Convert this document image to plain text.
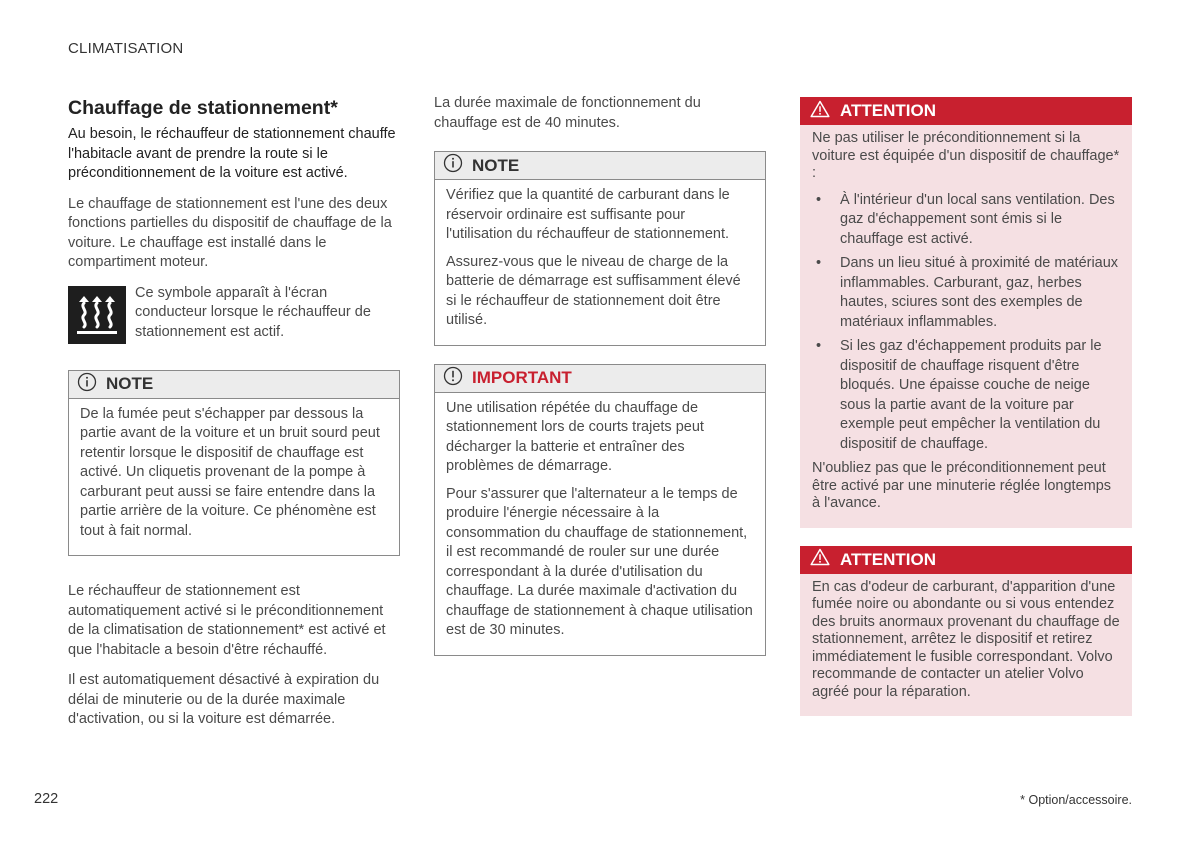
CLIMATISATION
Chauffage de stationnement*

Au besoin, le réchauffeur de stationnement chauffe l'habitacle avant de prendre la route si le préconditionnement de la voiture est activé.

Le chauffage de stationnement est l'une des deux fonctions partielles du dispositif de chauffage de la voiture. Le chauffage est installé dans le compartiment moteur.

Ce symbole apparaît à l'écran conducteur lorsque le réchauffeur de stationnement est actif.

NOTE

De la fumée peut s'échapper par dessous la partie avant de la voiture et un bruit sourd peut retentir lorsque le dispositif de chauffage est activé. Un cliquetis provenant de la pompe à carburant peut aussi se faire entendre dans la partie arrière de la voiture. Ce phénomène est tout à fait normal.

Le réchauffeur de stationnement est automatiquement activé si le préconditionnement de la climatisation de stationnement* est activé et que l'habitacle a besoin d'être réchauffé.

Il est automatiquement désactivé à expiration du délai de minuterie ou de la durée maximale d'activation, ou si la voiture est démarrée.

La durée maximale de fonctionnement du chauffage est de 40 minutes.

NOTE

Vérifiez que la quantité de carburant dans le réservoir ordinaire est suffisante pour l'utilisation du réchauffeur de stationnement.

Assurez-vous que le niveau de charge de la batterie de démarrage est suffisamment élevé si le réchauffeur de stationnement doit être utilisé.

IMPORTANT

Une utilisation répétée du chauffage de stationnement lors de courts trajets peut décharger la batterie et entraîner des problèmes de démarrage.

Pour s'assurer que l'alternateur a le temps de produire l'énergie nécessaire à la consommation du chauffage de stationnement, il est recommandé de rouler sur une durée correspondant à la durée d'utilisation du chauffage. La durée maximale d'activation du chauffage de stationnement à chaque utilisation est de 30 minutes.

ATTENTION

Ne pas utiliser le préconditionnement si la voiture est équipée d'un dispositif de chauffage* :

• À l'intérieur d'un local sans ventilation. Des gaz d'échappement sont émis si le chauffage est activé.
• Dans un lieu situé à proximité de matériaux inflammables. Carburant, gaz, herbes hautes, sciures sont des exemples de matériaux inflammables.
• Si les gaz d'échappement produits par le dispositif de chauffage risquent d'être bloqués. Une épaisse couche de neige sous la partie avant de la voiture par exemple peut empêcher la ventilation du dispositif de chauffage.

N'oubliez pas que le préconditionnement peut être activé par une minuterie réglée longtemps à l'avance.

ATTENTION

En cas d'odeur de carburant, d'apparition d'une fumée noire ou abondante ou si vous entendez des bruits anormaux provenant du chauffage de stationnement, arrêtez le dispositif et retirez immédiatement le fusible correspondant. Volvo recommande de contacter un atelier Volvo agréé pour la réparation.

222	* Option/accessoire.
